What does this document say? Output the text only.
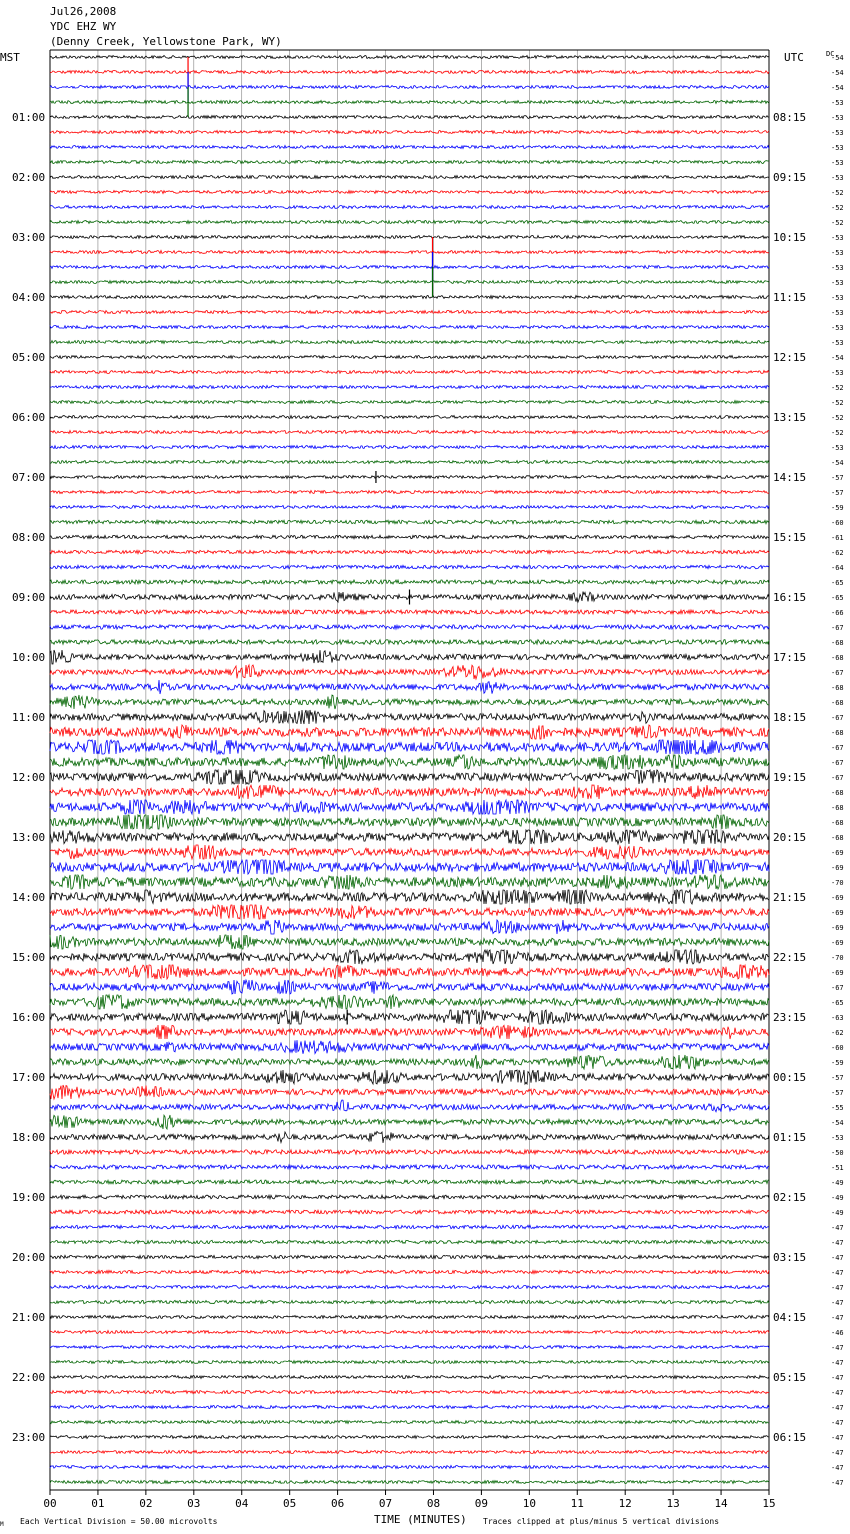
Jul26,2008
YDC EHZ WY
(Denny Creek, Yellowstone Park, WY)
MST	UTC	DC
01:00
02:00
03:00
04:00
05:00
06:00
07:00
08:00
09:00
10:00
11:00
12:00
13:00
14:00
15:00
16:00
17:00
18:00
19:00
20:00
21:00
22:00
23:00
08:15
09:15
10:15
11:15
12:15
13:15
14:15
15:15
16:15
17:15
18:15
19:15
20:15
21:15
22:15
23:15
00:15
01:15
02:15
03:15
04:15
05:15
06:15
-54
-54
-54
-53
-53
-53
-53
-53
-53
-52
-52
-52
-53
-53
-53
-53
-53
-53
-53
-53
-54
-53
-52
-52
-52
-52
-53
-54
-57
-57
-59
-60
-61
-62
-64
-65
-65
-66
-67
-68
-68
-67
-68
-68
-67
-68
-67
-67
-67
-68
-68
-68
-68
-69
-69
-70
-69
-69
-69
-69
-70
-69
-67
-65
-63
-62
-60
-59
-57
-57
-55
-54
-53
-50
-51
-49
-49
-49
-47
-47
-47
-47
-47
-47
-47
-46
-47
-47
-47
-47
-47
-47
-47
-47
-47
-47
00	01	02	03	04	05	06	07	08	09	10	11	12	13	14	15
TIME (MINUTES)
Each Vertical Division = 50.00 microvolts	Traces clipped at plus/minus 5 vertical divisions
M
